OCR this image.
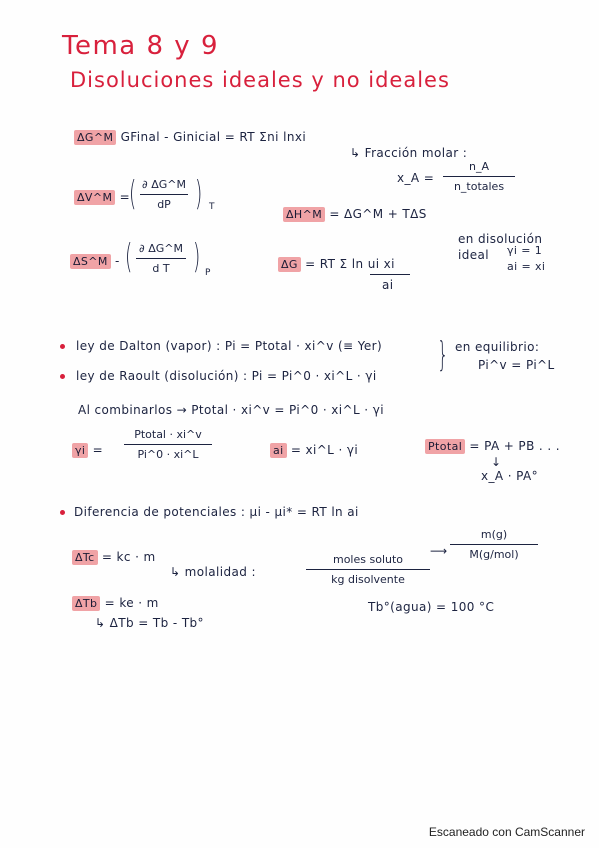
Tema 8 y 9
Disoluciones ideales y no ideales
ΔG^M GFinal - Ginicial = RT Σni lnxi
↳ Fracción molar :
x_A =
n_A
n_totales
ΔV^M =
( ∂ ΔG^M
dP ) T
ΔH^M = ΔG^M + TΔS
ΔS^M - ( ∂ ΔG^M
d T ) P
ΔG = RT Σ ln ui xi
ai
en disolución
ideal γi = 1
ai = xi
ley de Dalton (vapor) : Pi = Ptotal · xi^v (≡ Yer)
ley de Raoult (disolución) : Pi = Pi^0 · xi^L · γi
} en equilibrio:
Pi^v = Pi^L
Al combinarlos → Ptotal · xi^v = Pi^0 · xi^L · γi
γi =
Ptotal · xi^v
Pi^0 · xi^L	ai = xi^L · γi	Ptotal = PA + PB . . .
↓
x_A · PA°
Diferencia de potenciales : μi - μi* = RT ln ai
ΔTc = kc · m
↳ molalidad :
moles soluto
kg disolvente
⟶
m(g)
M(g/mol)
ΔTb = ke · m
↳ ΔTb = Tb - Tb°
Tb°(agua) = 100 °C
Escaneado con CamScanner
